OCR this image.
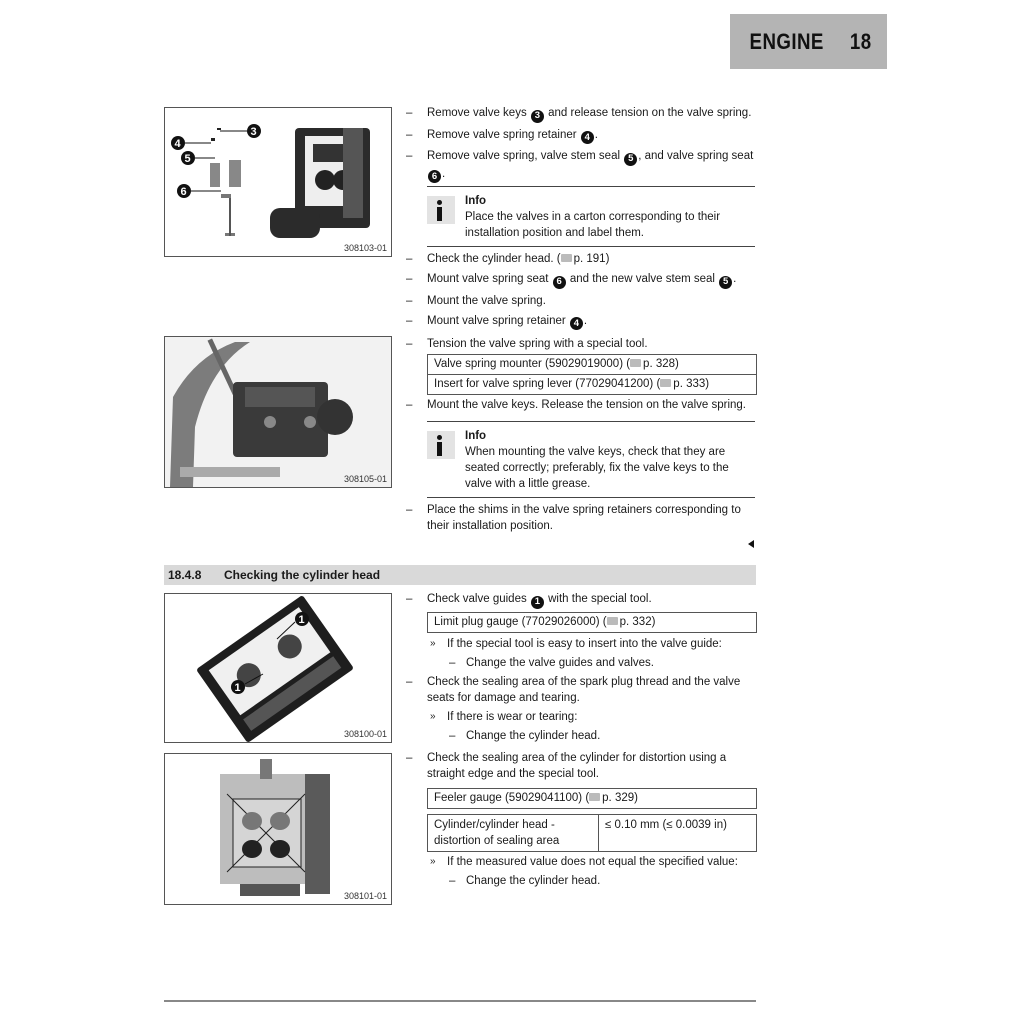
ENGINE 18
3
4
5
6
308103-01
308105-01
18.4.8 Checking the cylinder head
1
1
308100-01
308101-01

– Remove valve keys 3 and release tension on the valve spring.

– Remove valve spring retainer 4 .

– Remove valve spring, valve stem seal 5 , and valve spring seat 6 .

Info
Place the valves in a carton corresponding to their installation position and label them.

– Check the cylinder head. ( p. 191)

– Mount valve spring seat 6 and the new valve stem seal 5 .

– Mount the valve spring.

– Mount valve spring retainer 4 .

– Tension the valve spring with a special tool.

Valve spring mounter (59029019000) ( p. 328)
Insert for valve spring lever (77029041200) ( p. 333)

– Mount the valve keys. Release the tension on the valve spring.

Info
When mounting the valve keys, check that they are seated correctly; preferably, fix the valve keys to the valve with a little grease.

– Place the shims in the valve spring retainers corresponding to their installation position.

– Check valve guides 1 with the special tool.

Limit plug gauge (77029026000) ( p. 332)

» If the special tool is easy to insert into the valve guide:

– Change the valve guides and valves.

– Check the sealing area of the spark plug thread and the valve seats for damage and tearing.

» If there is wear or tearing:

– Change the cylinder head.

– Check the sealing area of the cylinder for distortion using a straight edge and the special tool.

Feeler gauge (59029041100) ( p. 329)
Cylinder/cylinder head - distortion of sealing area
≤ 0.10 mm (≤ 0.0039 in)

» If the measured value does not equal the specified value:

– Change the cylinder head.
